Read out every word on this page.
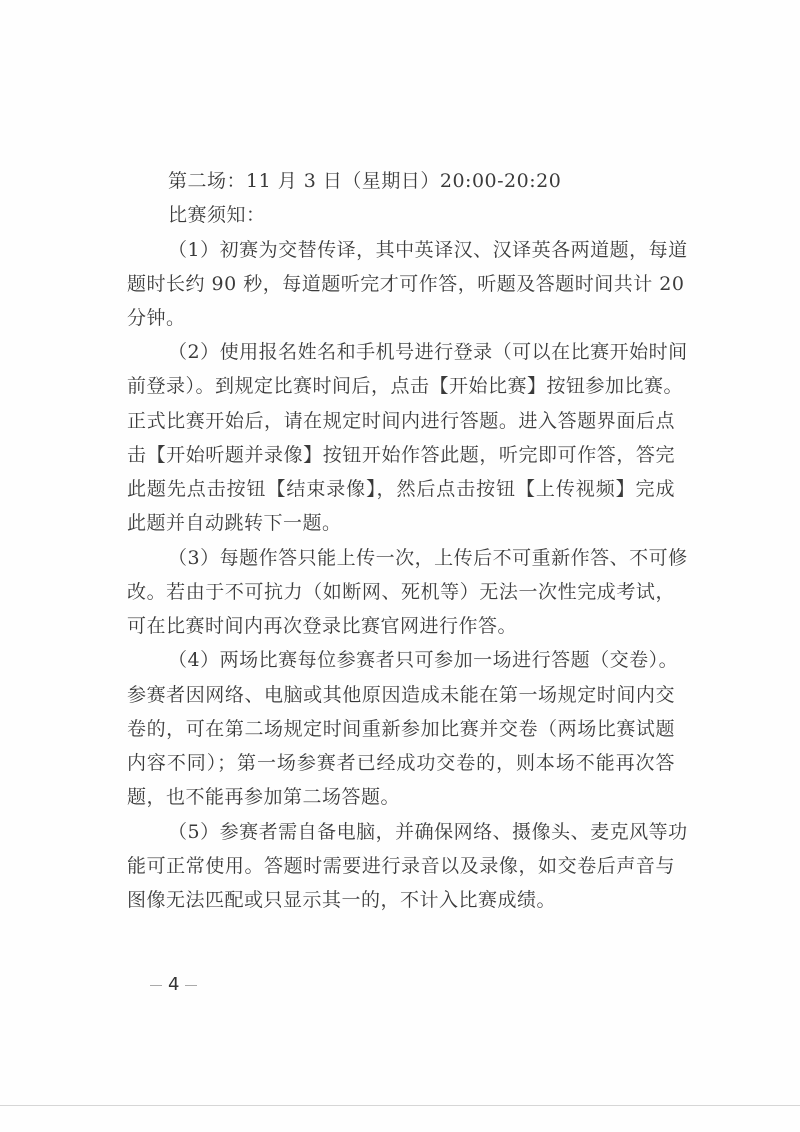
第二场：11 月 3 日（星期日）20:00-20:20
比赛须知：
（1）初赛为交替传译，其中英译汉、汉译英各两道题，每道
题时长约 90 秒，每道题听完才可作答，听题及答题时间共计 20
分钟。
（2）使用报名姓名和手机号进行登录（可以在比赛开始时间
前登录）。到规定比赛时间后，点击【开始比赛】按钮参加比赛。
正式比赛开始后，请在规定时间内进行答题。进入答题界面后点
击【开始听题并录像】按钮开始作答此题，听完即可作答，答完
此题先点击按钮【结束录像】，然后点击按钮【上传视频】完成
此题并自动跳转下一题。
（3）每题作答只能上传一次，上传后不可重新作答、不可修
改。若由于不可抗力（如断网、死机等）无法一次性完成考试，
可在比赛时间内再次登录比赛官网进行作答。
（4）两场比赛每位参赛者只可参加一场进行答题（交卷）。
参赛者因网络、电脑或其他原因造成未能在第一场规定时间内交
卷的，可在第二场规定时间重新参加比赛并交卷（两场比赛试题
内容不同）；第一场参赛者已经成功交卷的，则本场不能再次答
题，也不能再参加第二场答题。
（5）参赛者需自备电脑，并确保网络、摄像头、麦克风等功
能可正常使用。答题时需要进行录音以及录像，如交卷后声音与
图像无法匹配或只显示其一的，不计入比赛成绩。
4
